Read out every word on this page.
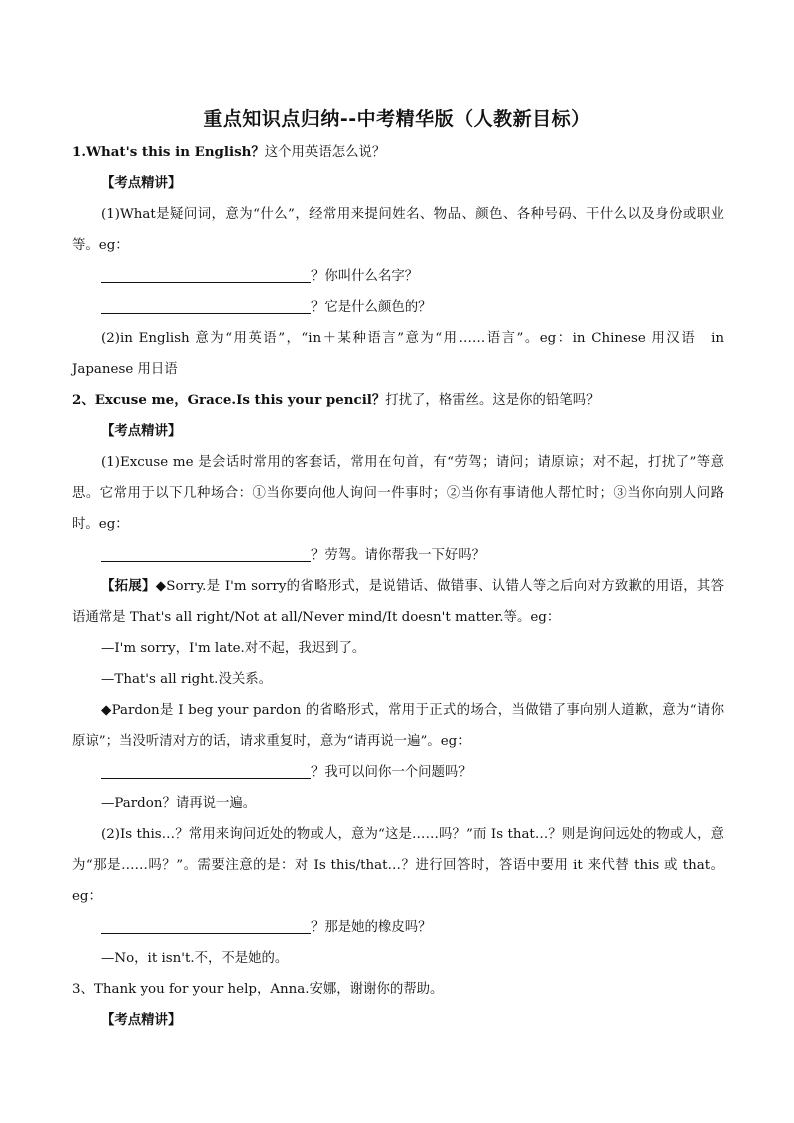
重点知识点归纳--中考精华版（人教新目标）

1.What's this in English？这个用英语怎么说？

【考点精讲】

(1)What是疑问词，意为“什么”，经常用来提问姓名、物品、颜色、各种号码、干什么以及身份或职业等。eg：

？你叫什么名字？

？它是什么颜色的？

(2)in English 意为“用英语”，“in＋某种语言”意为“用……语言”。eg：in Chinese 用汉语　in Japanese 用日语

2、Excuse me，Grace.Is this your pencil？打扰了，格雷丝。这是你的铅笔吗？

【考点精讲】

(1)Excuse me 是会话时常用的客套话，常用在句首，有“劳驾；请问；请原谅；对不起，打扰了”等意思。它常用于以下几种场合：①当你要向他人询问一件事时；②当你有事请他人帮忙时；③当你向别人问路时。eg：

？劳驾。请你帮我一下好吗？

【拓展】◆Sorry.是 I'm sorry的省略形式，是说错话、做错事、认错人等之后向对方致歉的用语，其答语通常是 That's all right/Not at all/Never mind/It doesn't matter.等。eg：

—I'm sorry，I'm late.对不起，我迟到了。

—That's all right.没关系。

◆Pardon是 I beg your pardon 的省略形式，常用于正式的场合，当做错了事向别人道歉，意为“请你原谅”；当没听清对方的话，请求重复时，意为“请再说一遍”。eg：

？我可以问你一个问题吗？

—Pardon？请再说一遍。

(2)Is this…？常用来询问近处的物或人，意为“这是……吗？”而 Is that…？则是询问远处的物或人，意为“那是……吗？”。需要注意的是：对 Is this/that…？进行回答时，答语中要用 it 来代替 this 或 that。eg：

？那是她的橡皮吗？

—No，it isn't.不，不是她的。

3、Thank you for your help，Anna.安娜，谢谢你的帮助。

【考点精讲】
